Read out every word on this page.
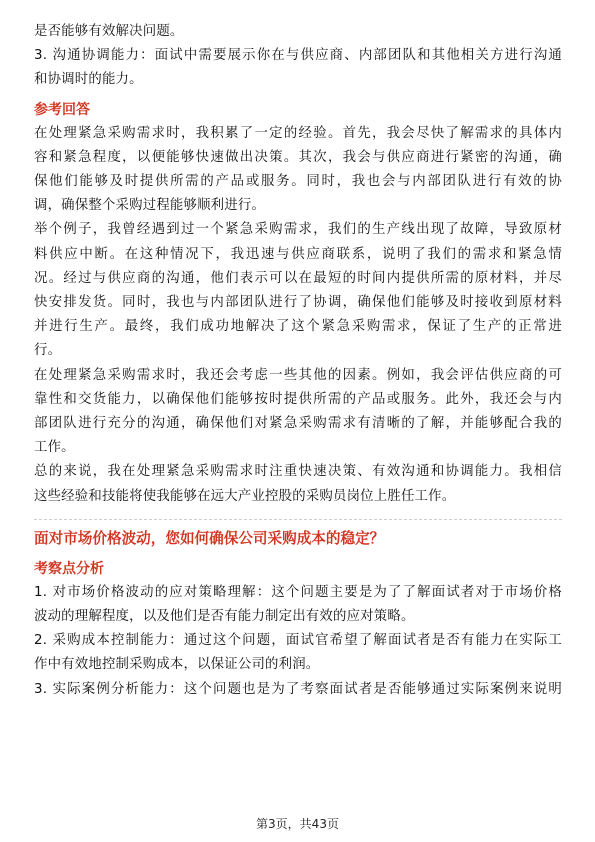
是否能够有效解决问题。
3. 沟通协调能力：面试中需要展示你在与供应商、内部团队和其他相关方进行沟通
和协调时的能力。
参考回答
在处理紧急采购需求时，我积累了一定的经验。首先，我会尽快了解需求的具体内
容和紧急程度，以便能够快速做出决策。其次，我会与供应商进行紧密的沟通，确
保他们能够及时提供所需的产品或服务。同时，我也会与内部团队进行有效的协
调，确保整个采购过程能够顺利进行。
举个例子，我曾经遇到过一个紧急采购需求，我们的生产线出现了故障，导致原材
料供应中断。在这种情况下，我迅速与供应商联系，说明了我们的需求和紧急情
况。经过与供应商的沟通，他们表示可以在最短的时间内提供所需的原材料，并尽
快安排发货。同时，我也与内部团队进行了协调，确保他们能够及时接收到原材料
并进行生产。最终，我们成功地解决了这个紧急采购需求，保证了生产的正常进
行。
在处理紧急采购需求时，我还会考虑一些其他的因素。例如，我会评估供应商的可
靠性和交货能力，以确保他们能够按时提供所需的产品或服务。此外，我还会与内
部团队进行充分的沟通，确保他们对紧急采购需求有清晰的了解，并能够配合我的
工作。
总的来说，我在处理紧急采购需求时注重快速决策、有效沟通和协调能力。我相信
这些经验和技能将使我能够在远大产业控股的采购员岗位上胜任工作。
面对市场价格波动，您如何确保公司采购成本的稳定？
考察点分析
1. 对市场价格波动的应对策略理解：这个问题主要是为了了解面试者对于市场价格
波动的理解程度，以及他们是否有能力制定出有效的应对策略。
2. 采购成本控制能力：通过这个问题，面试官希望了解面试者是否有能力在实际工
作中有效地控制采购成本，以保证公司的利润。
3. 实际案例分析能力：这个问题也是为了考察面试者是否能够通过实际案例来说明
第3页，共43页
